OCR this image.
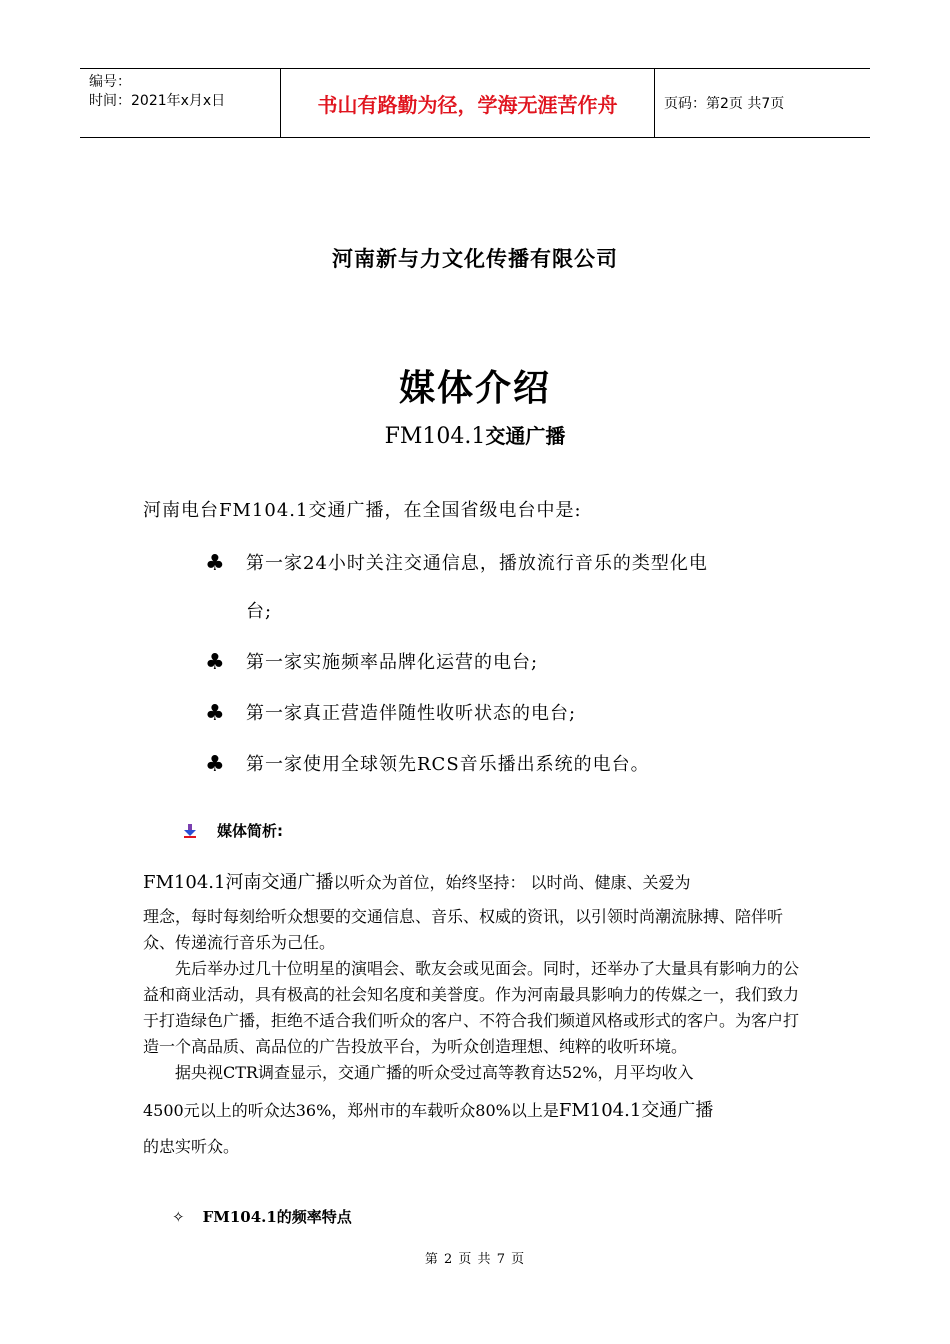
编号：
时间：2021年x月x日	书山有路勤为径，学海无涯苦作舟	页码：第2页 共7页
河南新与力文化传播有限公司
媒体介绍
FM104.1交通广播
河南电台FM104.1交通广播，在全国省级电台中是:
♣ 第一家24小时关注交通信息，播放流行音乐的类型化电
台;
♣ 第一家实施频率品牌化运营的电台;
♣ 第一家真正营造伴随性收听状态的电台;
♣ 第一家使用全球领先RCS音乐播出系统的电台。
媒体简析:

FM104.1河南交通广播以听众为首位，始终坚持： 以时尚、健康、关爱为

理念，每时每刻给听众想要的交通信息、音乐、权威的资讯，以引领时尚潮流脉搏、陪伴听众、传递流行音乐为己任。

先后举办过几十位明星的演唱会、歌友会或见面会。同时，还举办了大量具有影响力的公益和商业活动，具有极高的社会知名度和美誉度。作为河南最具影响力的传媒之一，我们致力于打造绿色广播，拒绝不适合我们听众的客户、不符合我们频道风格或形式的客户。为客户打造一个高品质、高品位的广告投放平台，为听众创造理想、纯粹的收听环境。

据央视CTR调查显示，交通广播的听众受过高等教育达52%，月平均收入

4500元以上的听众达36%，郑州市的车载听众80%以上是FM104.1交通广播

的忠实听众。

✧ FM104.1的频率特点
第 2 页 共 7 页
